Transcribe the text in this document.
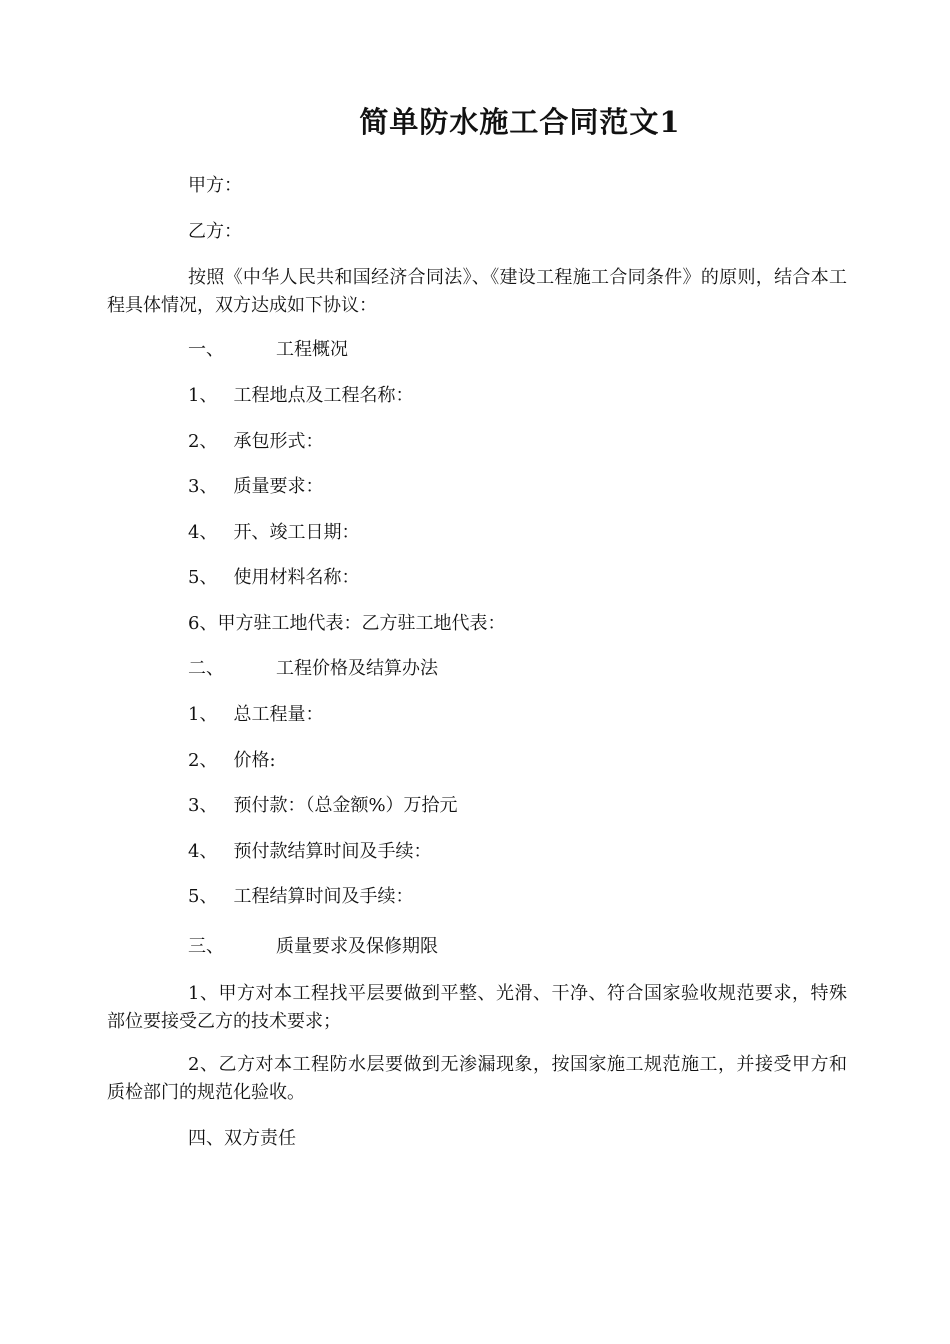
简单防水施工合同范文1
甲方：
乙方：
按照《中华人民共和国经济合同法》、《建设工程施工合同条件》的原则，结合本工程具体情况，双方达成如下协议：
一、	工程概况
1、 工程地点及工程名称：
2、 承包形式：
3、 质量要求：
4、 开、竣工日期：
5、 使用材料名称：
6、甲方驻工地代表：乙方驻工地代表：
二、	工程价格及结算办法
1、 总工程量：
2、 价格:
3、 预付款：（总金额%）万拾元
4、 预付款结算时间及手续：
5、 工程结算时间及手续：
三、	质量要求及保修期限
1、甲方对本工程找平层要做到平整、光滑、干净、符合国家验收规范要求，特殊部位要接受乙方的技术要求；
2、乙方对本工程防水层要做到无渗漏现象，按国家施工规范施工，并接受甲方和质检部门的规范化验收。
四、双方责任
